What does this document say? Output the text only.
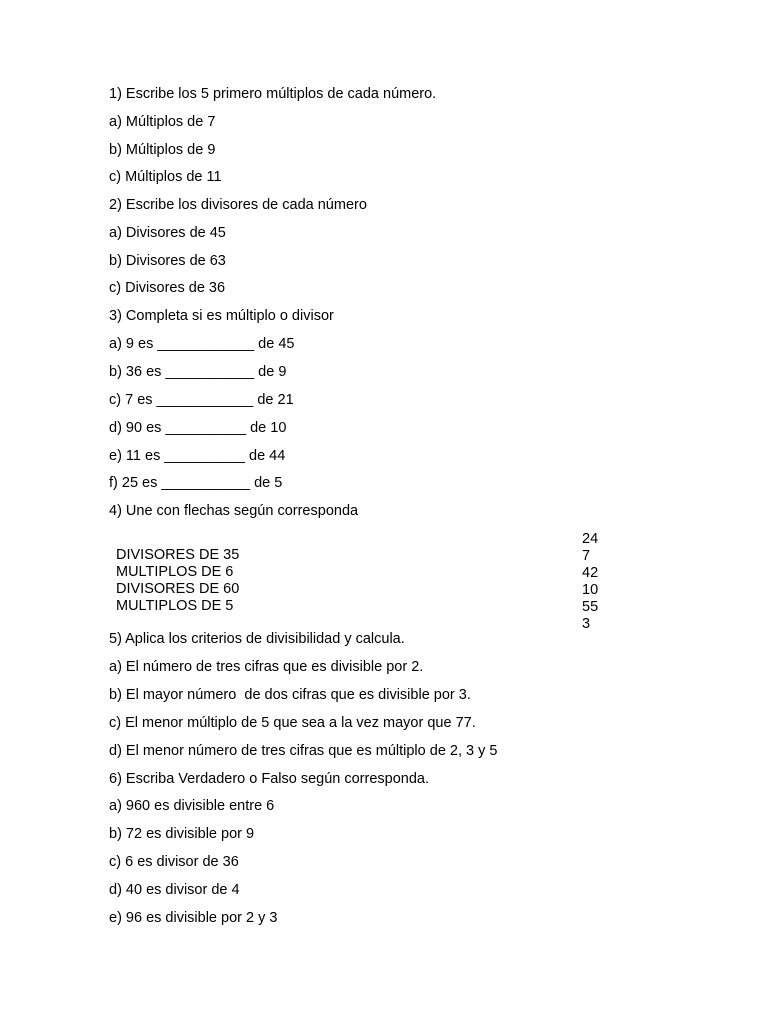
1) Escribe los 5 primero múltiplos de cada número.
a) Múltiplos de 7
b) Múltiplos de 9
c) Múltiplos de 11
2) Escribe los divisores de cada número
a) Divisores de 45
b) Divisores de 63
c) Divisores de 36
3) Completa si es múltiplo o divisor
a) 9 es ____________ de 45
b) 36 es ___________ de 9
c) 7 es ____________ de 21
d) 90 es __________ de 10
e) 11 es __________ de 44
f) 25 es ___________ de 5
4) Une con flechas según corresponda
DIVISORES DE 35
MULTIPLOS DE 6
DIVISORES DE 60
MULTIPLOS DE 5
24
7
42
10
55
3
5) Aplica los criterios de divisibilidad y calcula.
a) El número de tres cifras que es divisible por 2.
b) El mayor número  de dos cifras que es divisible por 3.
c) El menor múltiplo de 5 que sea a la vez mayor que 77.
d) El menor número de tres cifras que es múltiplo de 2, 3 y 5
6) Escriba Verdadero o Falso según corresponda.
a) 960 es divisible entre 6
b) 72 es divisible por 9
c) 6 es divisor de 36
d) 40 es divisor de 4
e) 96 es divisible por 2 y 3
